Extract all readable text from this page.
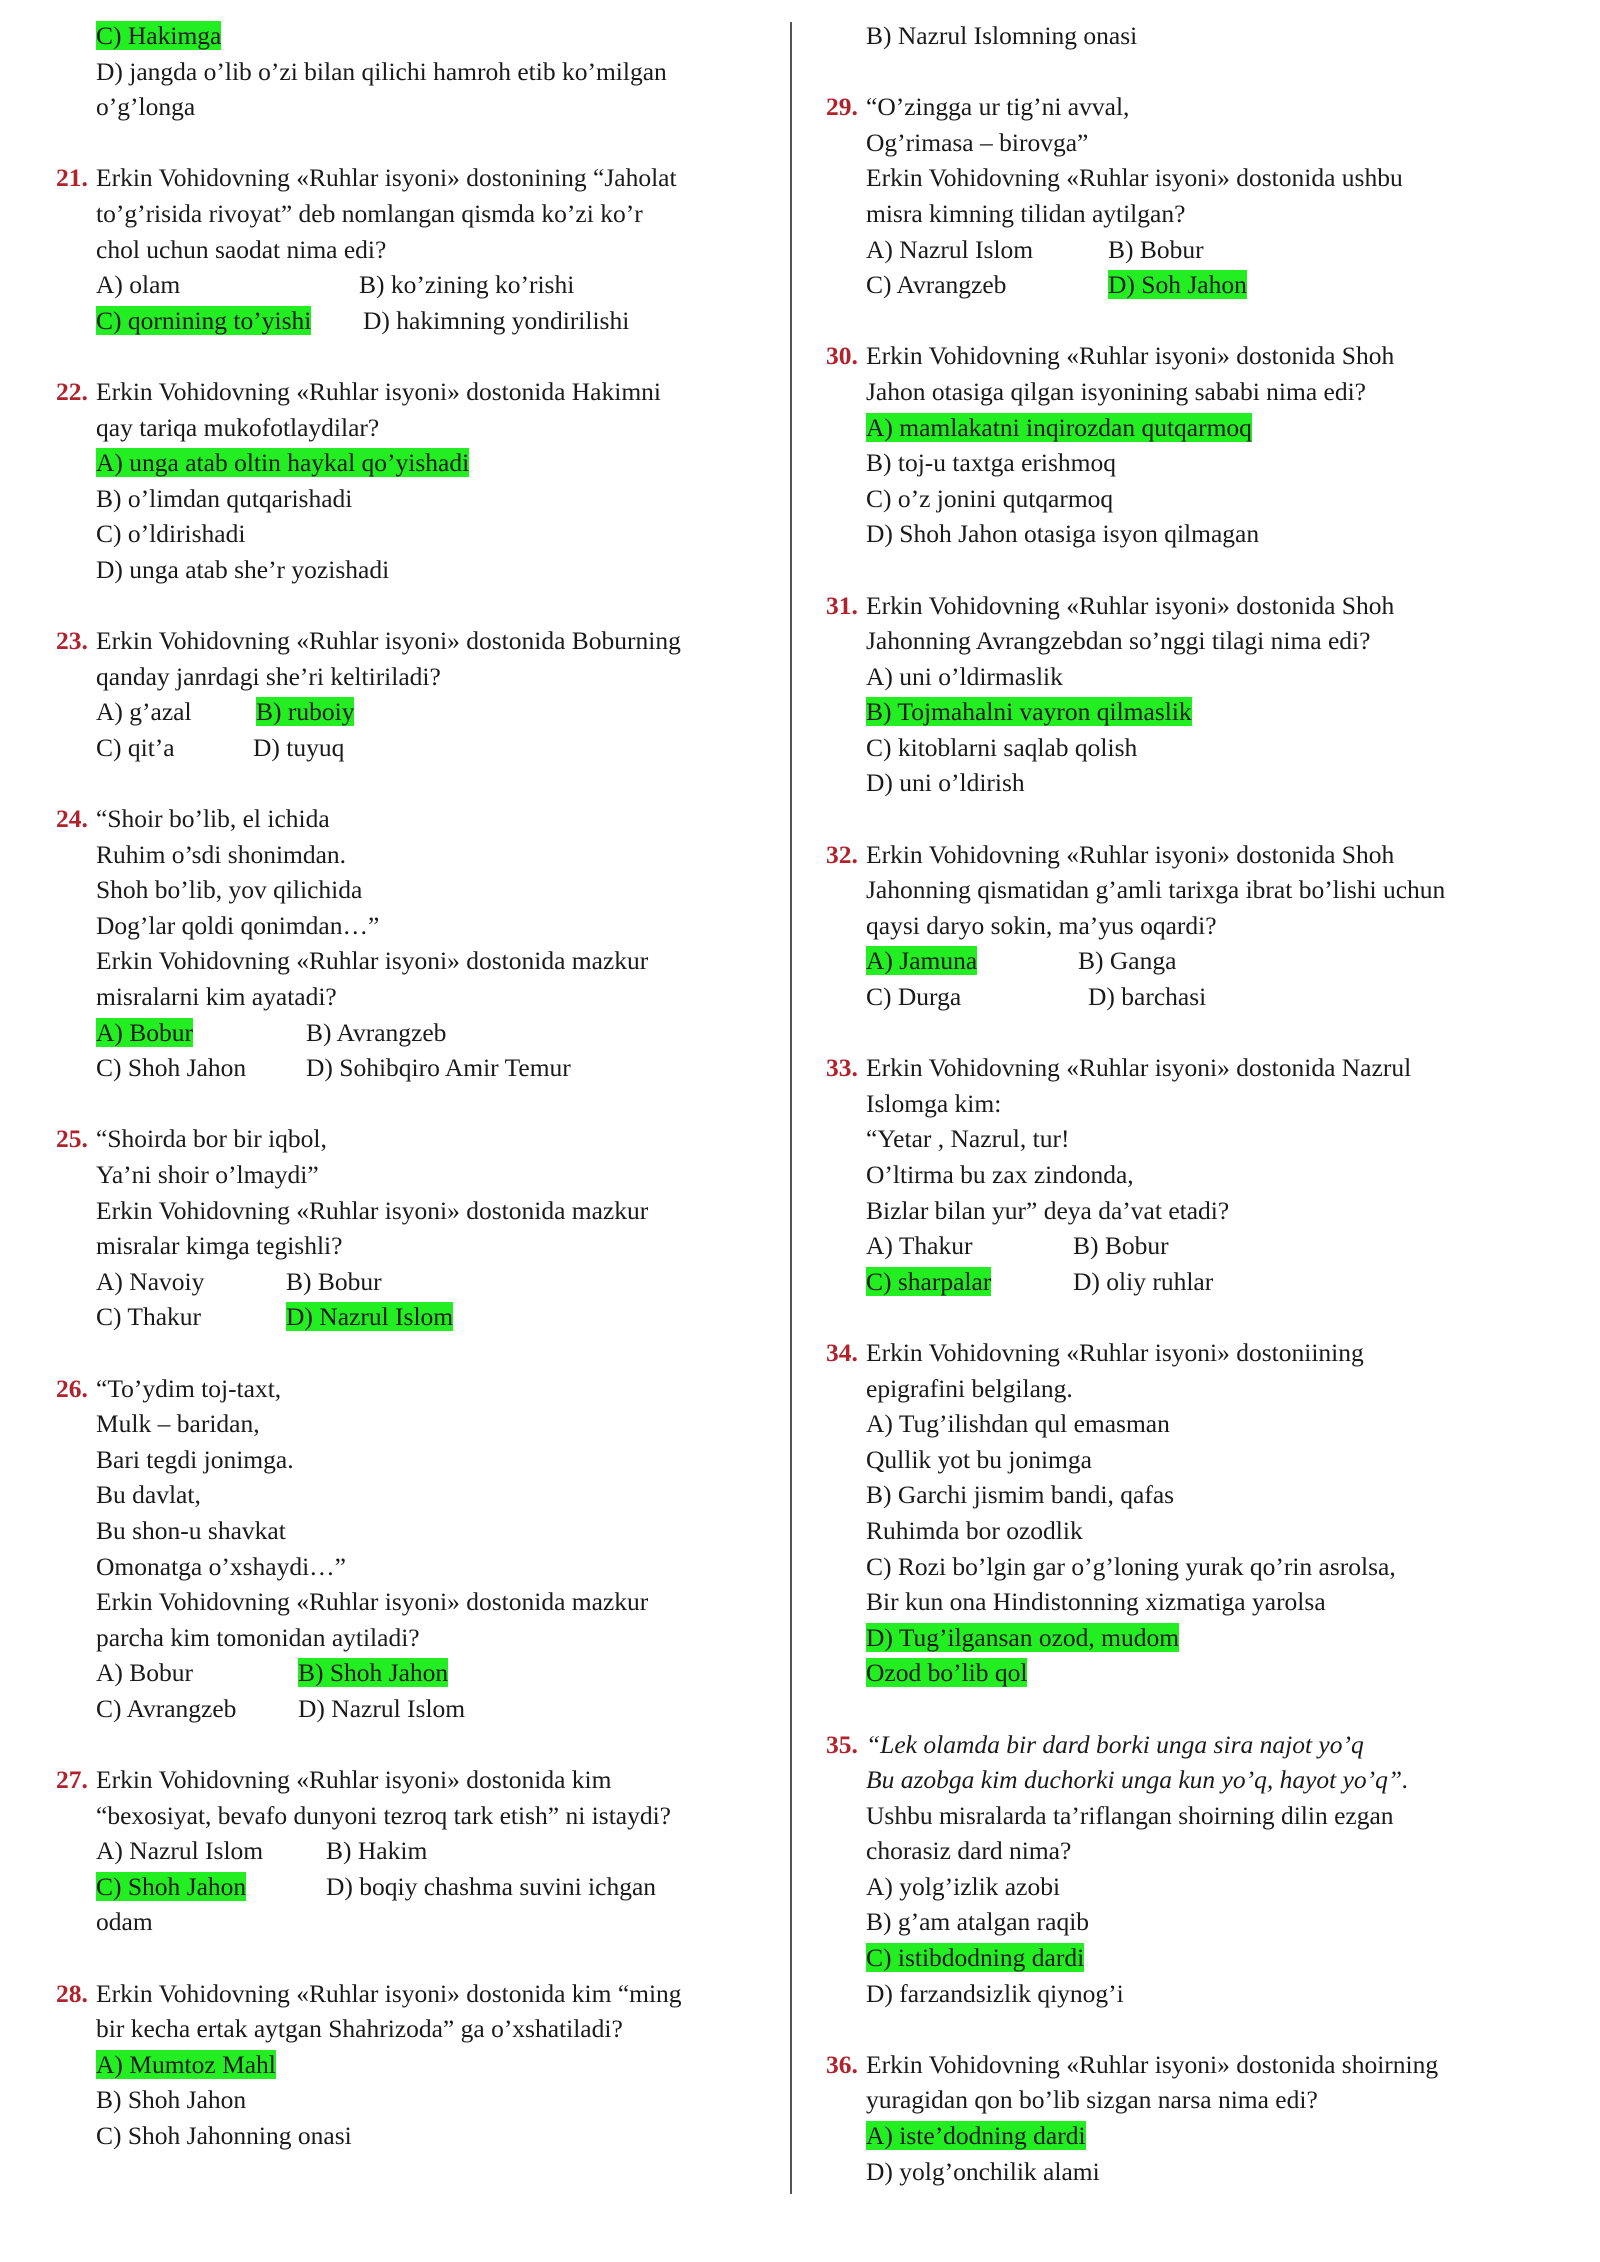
C) Hakimga
D) jangda o’lib o’zi bilan qilichi hamroh etib ko’milgan
o’g’longa
21. Erkin Vohidovning «Ruhlar isyoni» dostonining “Jaholat
to’g’risida rivoyat” deb nomlangan qismda ko’zi ko’r
chol uchun saodat nima edi?
A) olam	B) ko’zining ko’rishi
C) qornining to’yishi D) hakimning yondirilishi
22. Erkin Vohidovning «Ruhlar isyoni» dostonida Hakimni
qay tariqa mukofotlaydilar?
A) unga atab oltin haykal qo’yishadi
B) o’limdan qutqarishadi
C) o’ldirishadi
D) unga atab she’r yozishadi
23. Erkin Vohidovning «Ruhlar isyoni» dostonida Boburning
qanday janrdagi she’ri keltiriladi?
A) g’azal	B) ruboiy
C) qit’a	D) tuyuq
24. “Shoir bo’lib, el ichida
Ruhim o’sdi shonimdan.
Shoh bo’lib, yov qilichida
Dog’lar qoldi qonimdan…”
Erkin Vohidovning «Ruhlar isyoni» dostonida mazkur
misralarni kim ayatadi?
A) Bobur	B) Avrangzeb
C) Shoh Jahon D) Sohibqiro Amir Temur
25. “Shoirda bor bir iqbol,
Ya’ni shoir o’lmaydi”
Erkin Vohidovning «Ruhlar isyoni» dostonida mazkur
misralar kimga tegishli?
A) Navoiy	B) Bobur
C) Thakur	D) Nazrul Islom
26. “To’ydim toj-taxt,
Mulk – baridan,
Bari tegdi jonimga.
Bu davlat,
Bu shon-u shavkat
Omonatga o’xshaydi…”
Erkin Vohidovning «Ruhlar isyoni» dostonida mazkur
parcha kim tomonidan aytiladi?
A) Bobur	B) Shoh Jahon
C) Avrangzeb D) Nazrul Islom
27. Erkin Vohidovning «Ruhlar isyoni» dostonida kim
“bexosiyat, bevafo dunyoni tezroq tark etish” ni istaydi?
A) Nazrul Islom B) Hakim
C) Shoh Jahon	D) boqiy chashma suvini ichgan
odam
28. Erkin Vohidovning «Ruhlar isyoni» dostonida kim “ming
bir kecha ertak aytgan Shahrizoda” ga o’xshatiladi?
A) Mumtoz Mahl
B) Shoh Jahon
C) Shoh Jahonning onasi
B) Nazrul Islomning onasi
29. “O’zingga ur tig’ni avval,
Og’rimasa – birovga”
Erkin Vohidovning «Ruhlar isyoni» dostonida ushbu
misra kimning tilidan aytilgan?
A) Nazrul Islom	B) Bobur
C) Avrangzeb	D) Soh Jahon
30. Erkin Vohidovning «Ruhlar isyoni» dostonida Shoh
Jahon otasiga qilgan isyonining sababi nima edi?
A) mamlakatni inqirozdan qutqarmoq
B) toj-u taxtga erishmoq
C) o’z jonini qutqarmoq
D) Shoh Jahon otasiga isyon qilmagan
31. Erkin Vohidovning «Ruhlar isyoni» dostonida Shoh
Jahonning Avrangzebdan so’nggi tilagi nima edi?
A) uni o’ldirmaslik
B) Tojmahalni vayron qilmaslik
C) kitoblarni saqlab qolish
D) uni o’ldirish
32. Erkin Vohidovning «Ruhlar isyoni» dostonida Shoh
Jahonning qismatidan g’amli tarixga ibrat bo’lishi uchun
qaysi daryo sokin, ma’yus oqardi?
A) Jamuna	B) Ganga
C) Durga	D) barchasi
33. Erkin Vohidovning «Ruhlar isyoni» dostonida Nazrul
Islomga kim:
“Yetar , Nazrul, tur!
O’ltirma bu zax zindonda,
Bizlar bilan yur” deya da’vat etadi?
A) Thakur	B) Bobur
C) sharpalar	D) oliy ruhlar
34. Erkin Vohidovning «Ruhlar isyoni» dostoniining
epigrafini belgilang.
A) Tug’ilishdan qul emasman
Qullik yot bu jonimga
B) Garchi jismim bandi, qafas
Ruhimda bor ozodlik
C) Rozi bo’lgin gar o’g’loning yurak qo’rin asrolsa,
Bir kun ona Hindistonning xizmatiga yarolsa
D) Tug’ilgansan ozod, mudom
Ozod bo’lib qol
35. “Lek olamda bir dard borki unga sira najot yo’q
Bu azobga kim duchorki unga kun yo’q, hayot yo’q”.
Ushbu misralarda ta’riflangan shoirning dilin ezgan
chorasiz dard nima?
A) yolg’izlik azobi
B) g’am atalgan raqib
C) istibdodning dardi
D) farzandsizlik qiynog’i
36. Erkin Vohidovning «Ruhlar isyoni» dostonida shoirning
yuragidan qon bo’lib sizgan narsa nima edi?
A) iste’dodning dardi
D) yolg’onchilik alami
